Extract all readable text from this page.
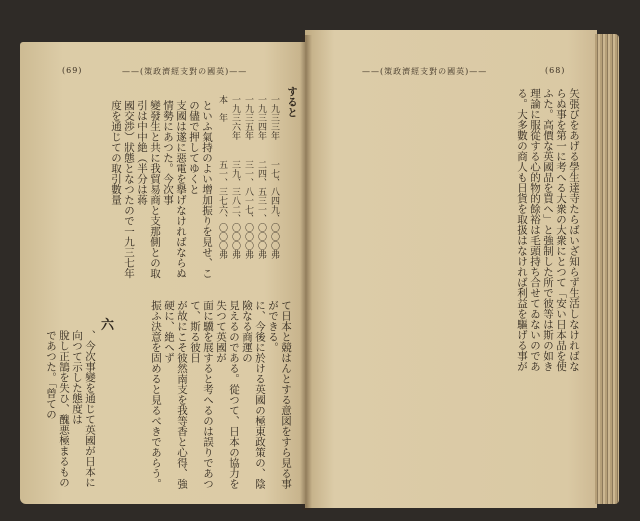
(69)	——(策政濟經支對の國英)——
すると
一九三三年
一七、八四九、〇〇〇弗
一九三四年
二四、五三一、〇〇〇弗
一九三五年
三一、八一七、〇〇〇弗
一九三六年
三九、三八二、〇〇〇弗
本　年
五一、三七六、〇〇〇弗
といふ氣持のよい增加振りを見せ、この儘で押してゆくと
支國は遂に惡電を擧げなければならぬ情勢にあつた。今次事
變發生と共に我貿易商と支那側との取引は中中絶（半分は蒋
國交渉）狀態となつたので一九三七年度を通じての取引數量
て日本と競はんとする意図をすら見る事ができる。
に、今後に於ける英國の極東政策の、陰險なる商運の
見えるのである。從つて、日本の協力を失つて英國が
面に驥を展すると考へるのは誤りであつて、斯る彼日
が故にこそ彼然南支を我等香と心得、強硬に、絶へず
振ふ決意を固めると見るべきであらう。
六
、今次事變を通じて英國が日本に向つて示した態度は
脫し正鵠を失ひ、醜悪極まるものであつた。「曾ての
——(策政濟經支對の國英)——	(68)
矢張びをあげる學生達寺たらばいざ知らず生活しなければな
らぬ事を第一に考へる大衆の大衆にとつて「安い日本品を使
ふた。高價な英國品を買へ」と強制した所で彼等は斯の如き
理論に服從する心的物的餘裕は毛頭持ち合せてゐないのであ
る。大多數の商人も日貨を取扱はなければ利益を驅げる事が
